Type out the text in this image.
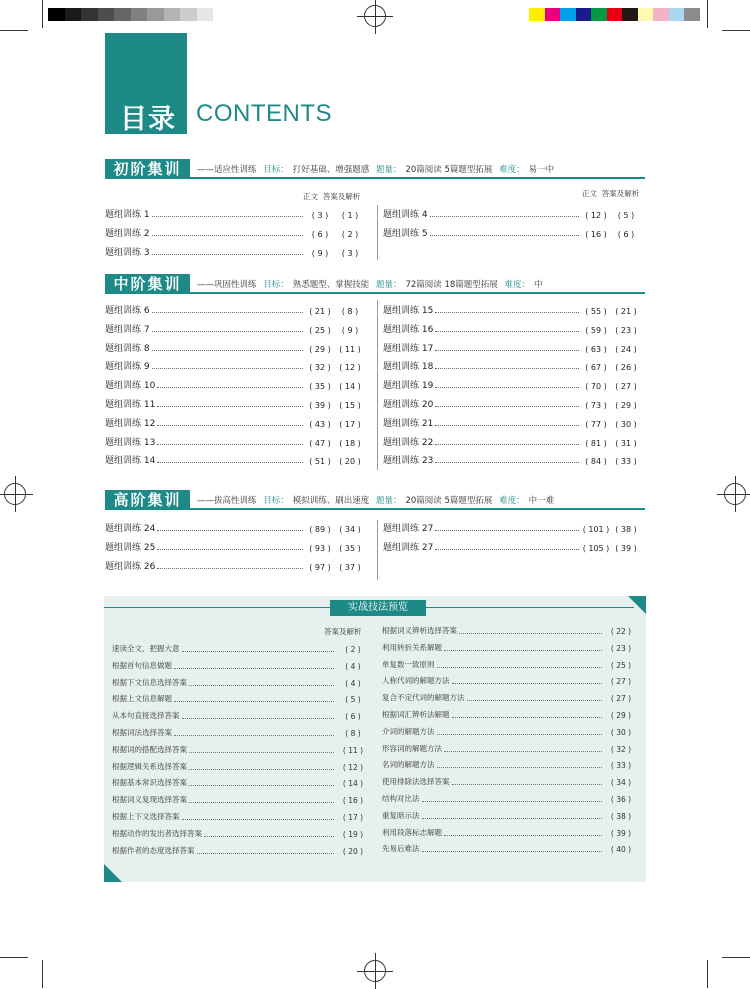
目录 CONTENTS
初阶集训	——适应性训练 目标： 打好基础、增强题感 题量： 20篇阅读 5篇题型拓展 难度： 易一中
正文 答案及解析	正文 答案及解析
题组训练 1	( 3 )	( 1 )
题组训练 2	( 6 )	( 2 )
题组训练 3	( 9 )	( 3 )
题组训练 4	( 12 )	( 5 )
题组训练 5	( 16 )	( 6 )
中阶集训	——巩固性训练 目标： 熟悉题型、掌握技能 题量： 72篇阅读 18篇题型拓展 难度： 中
题组训练 6	( 21 )	( 8 )
题组训练 7	( 25 )	( 9 )
题组训练 8	( 29 )	( 11 )
题组训练 9	( 32 )	( 12 )
题组训练 10	( 35 )	( 14 )
题组训练 11	( 39 )	( 15 )
题组训练 12	( 43 )	( 17 )
题组训练 13	( 47 )	( 18 )
题组训练 14	( 51 )	( 20 )
题组训练 15	( 55 )	( 21 )
题组训练 16	( 59 )	( 23 )
题组训练 17	( 63 )	( 24 )
题组训练 18	( 67 )	( 26 )
题组训练 19	( 70 )	( 27 )
题组训练 20	( 73 )	( 29 )
题组训练 21	( 77 )	( 30 )
题组训练 22	( 81 )	( 31 )
题组训练 23	( 84 )	( 33 )
高阶集训	——拔高性训练 目标： 模拟训练、刷出速度 题量： 20篇阅读 5篇题型拓展 难度： 中一难
题组训练 24	( 89 )	( 34 )
题组训练 25	( 93 )	( 35 )
题组训练 26	( 97 )	( 37 )
题组训练 27	( 101 ) ( 38 )
题组训练 27	( 105 ) ( 39 )
实战技法预览
答案及解析
速读全文、把握大意	( 2 )
根据首句信息做题	( 4 )
根据下文信息选择答案	( 4 )
根据上文信息解题	( 5 )
从本句直接选择答案	( 6 )
根据词法选择答案	( 8 )
根据词的搭配选择答案	( 11 )
根据逻辑关系选择答案	( 12 )
根据基本常识选择答案	( 14 )
根据词义复现选择答案	( 16 )
根据上下文选择答案	( 17 )
根据动作的发出者选择答案	( 19 )
根据作者的态度选择答案	( 20 )
根据词义辨析选择答案	( 22 )
利用转折关系解题	( 23 )
单复数一致原则	( 25 )
人称代词的解题方法	( 27 )
复合不定代词的解题方法	( 27 )
根据词汇辨析法解题	( 29 )
介词的解题方法	( 30 )
形容词的解题方法	( 32 )
名词的解题方法	( 33 )
使用排除法选择答案	( 34 )
结构对比法	( 36 )
重复暗示法	( 38 )
利用段落标志解题	( 39 )
先易后难法	( 40 )
